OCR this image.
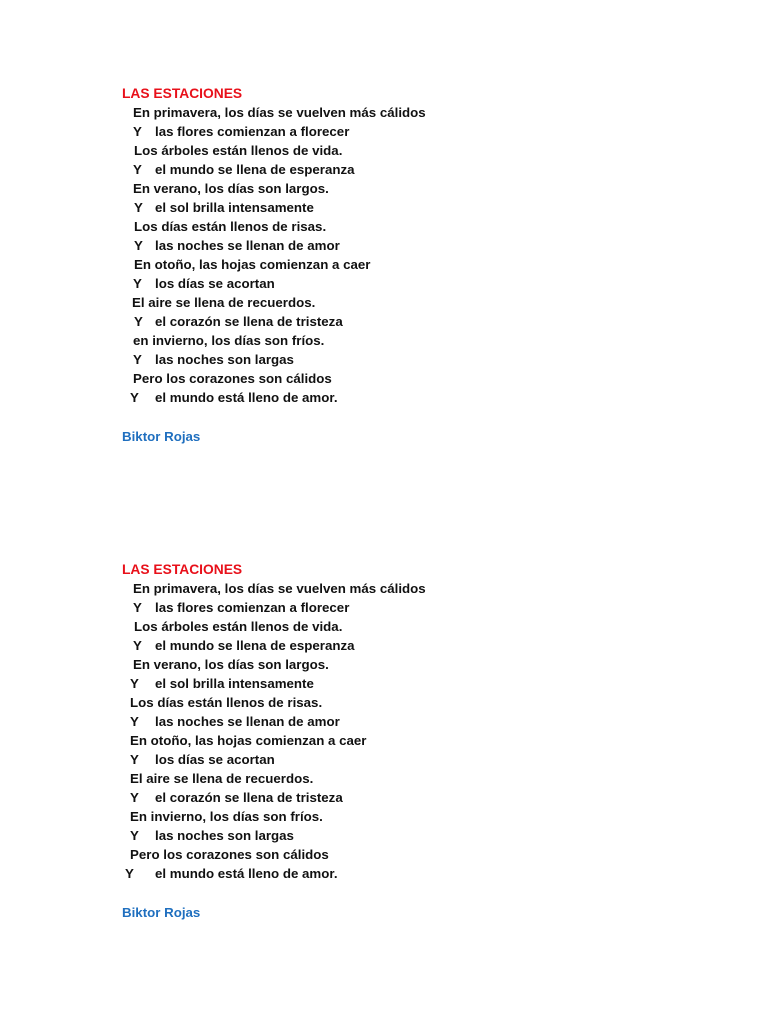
LAS ESTACIONES
En primavera, los días se vuelven más cálidos
Y las flores comienzan a florecer
Los árboles están llenos de vida.
Y el mundo se llena de esperanza
En verano, los días son largos.
Y el sol brilla intensamente
Los días están llenos de risas.
Y las noches se llenan de amor
En otoño, las hojas comienzan a caer
Y los días se acortan
El aire se llena de recuerdos.
Y el corazón se llena de tristeza
en invierno, los días son fríos.
Y las noches son largas
Pero los corazones son cálidos
Y el mundo está lleno de amor.
Biktor Rojas
LAS ESTACIONES
En primavera, los días se vuelven más cálidos
Y las flores comienzan a florecer
Los árboles están llenos de vida.
Y el mundo se llena de esperanza
En verano, los días son largos.
Y el sol brilla intensamente
Los días están llenos de risas.
Y las noches se llenan de amor
En otoño, las hojas comienzan a caer
Y los días se acortan
El aire se llena de recuerdos.
Y el corazón se llena de tristeza
En invierno, los días son fríos.
Y las noches son largas
Pero los corazones son cálidos
Y el mundo está lleno de amor.
Biktor Rojas
